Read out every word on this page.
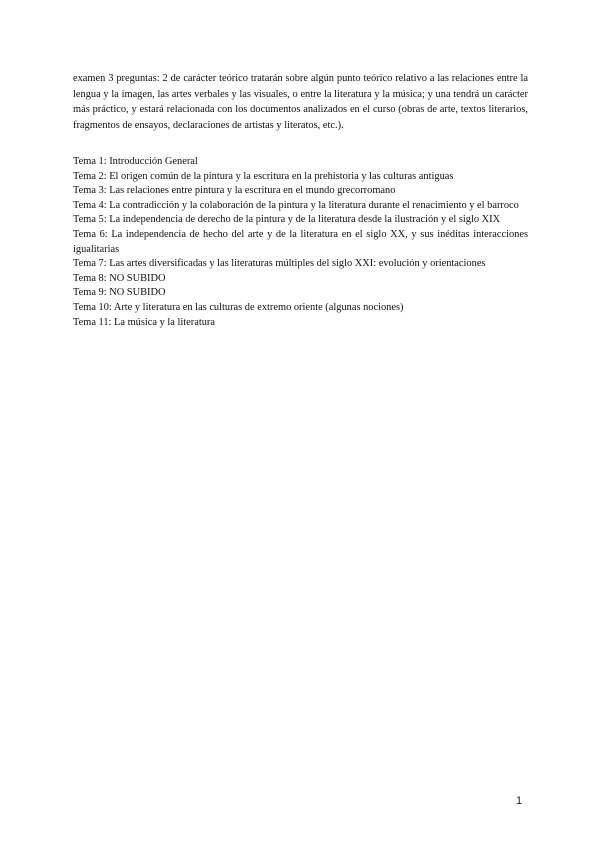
examen 3 preguntas: 2 de carácter teórico tratarán sobre algún punto teórico relativo a las relaciones entre la lengua y la imagen, las artes verbales y las visuales, o entre la literatura y la música; y una tendrá un carácter más práctico, y estará relacionada con los documentos analizados en el curso (obras de arte, textos literarios, fragmentos de ensayos, declaraciones de artistas y literatos, etc.).

Tema 1: Introducción General
Tema 2: El origen común de la pintura y la escritura en la prehistoria y las culturas antiguas
Tema 3: Las relaciones entre pintura y la escritura en el mundo grecorromano
Tema 4: La contradicción y la colaboración de la pintura y la literatura durante el renacimiento y el barroco
Tema 5: La independencia de derecho de la pintura y de la literatura desde la ilustración y el siglo XIX
Tema 6: La independencia de hecho del arte y de la literatura en el siglo XX, y sus inéditas interacciones igualitarias
Tema 7: Las artes diversificadas y las literaturas múltiples del siglo XXI: evolución y orientaciones
Tema 8: NO SUBIDO
Tema 9: NO SUBIDO
Tema 10: Arte y literatura en las culturas de extremo oriente (algunas nociones)
Tema 11: La música y la literatura
1
